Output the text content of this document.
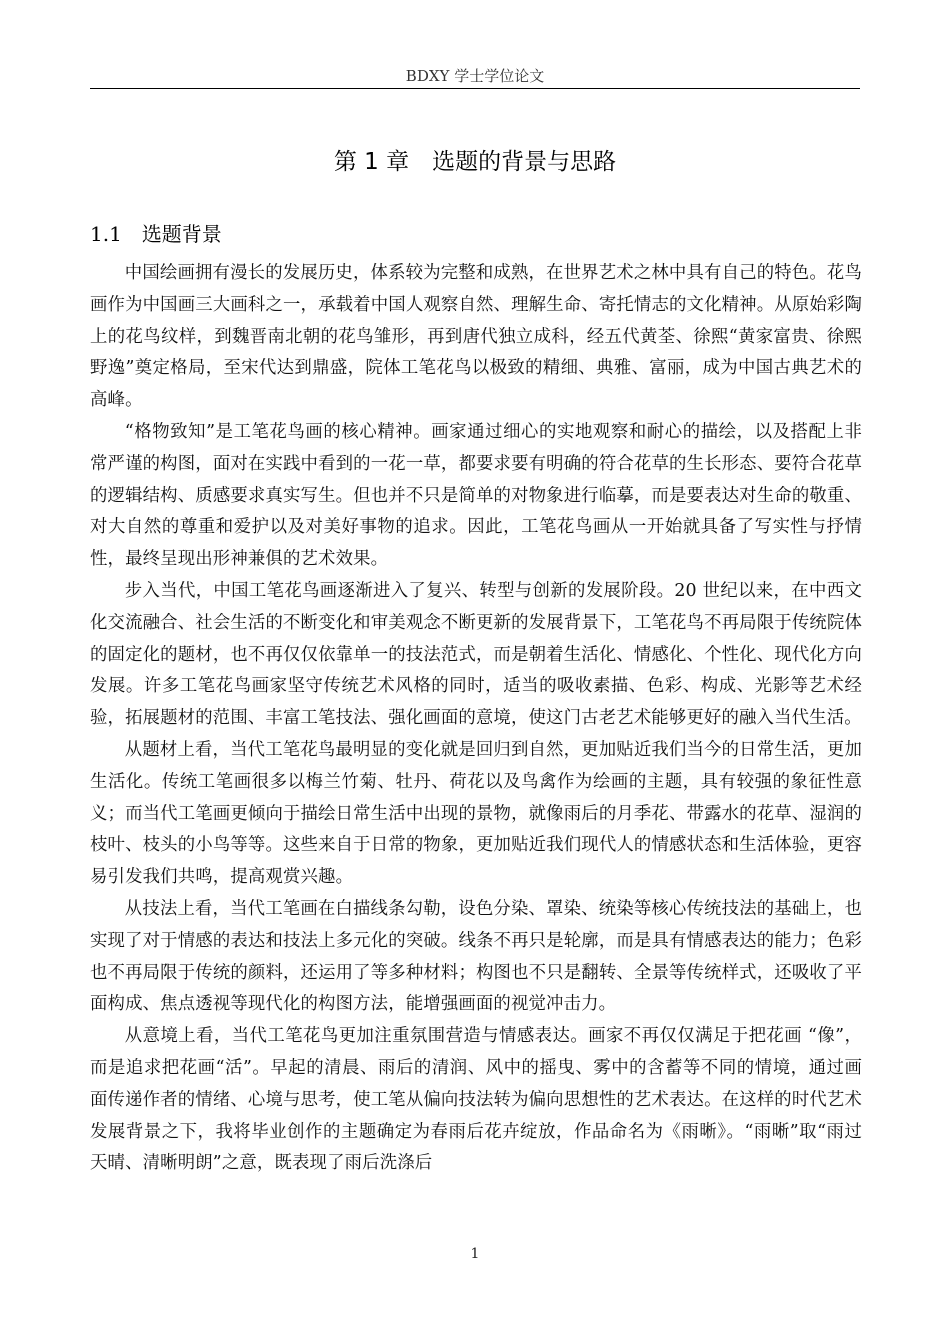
BDXY 学士学位论文
第 1 章　选题的背景与思路
1.1 选题背景

中国绘画拥有漫长的发展历史，体系较为完整和成熟，在世界艺术之林中具有自己的特色。花鸟画作为中国画三大画科之一，承载着中国人观察自然、理解生命、寄托情志的文化精神。从原始彩陶上的花鸟纹样，到魏晋南北朝的花鸟雏形，再到唐代独立成科，经五代黄荃、徐熙“黄家富贵、徐熙野逸”奠定格局，至宋代达到鼎盛，院体工笔花鸟以极致的精细、典雅、富丽，成为中国古典艺术的高峰。

“格物致知”是工笔花鸟画的核心精神。画家通过细心的实地观察和耐心的描绘，以及搭配上非常严谨的构图，面对在实践中看到的一花一草，都要求要有明确的符合花草的生长形态、要符合花草的逻辑结构、质感要求真实写生。但也并不只是简单的对物象进行临摹，而是要表达对生命的敬重、对大自然的尊重和爱护以及对美好事物的追求。因此，工笔花鸟画从一开始就具备了写实性与抒情性，最终呈现出形神兼俱的艺术效果。

步入当代，中国工笔花鸟画逐渐进入了复兴、转型与创新的发展阶段。20 世纪以来，在中西文化交流融合、社会生活的不断变化和审美观念不断更新的发展背景下，工笔花鸟不再局限于传统院体的固定化的题材，也不再仅仅依靠单一的技法范式，而是朝着生活化、情感化、个性化、现代化方向发展。许多工笔花鸟画家坚守传统艺术风格的同时，适当的吸收素描、色彩、构成、光影等艺术经验，拓展题材的范围、丰富工笔技法、强化画面的意境，使这门古老艺术能够更好的融入当代生活。

从题材上看，当代工笔花鸟最明显的变化就是回归到自然，更加贴近我们当今的日常生活，更加生活化。传统工笔画很多以梅兰竹菊、牡丹、荷花以及鸟禽作为绘画的主题，具有较强的象征性意义；而当代工笔画更倾向于描绘日常生活中出现的景物，就像雨后的月季花、带露水的花草、湿润的枝叶、枝头的小鸟等等。这些来自于日常的物象，更加贴近我们现代人的情感状态和生活体验，更容易引发我们共鸣，提高观赏兴趣。

从技法上看，当代工笔画在白描线条勾勒，设色分染、罩染、统染等核心传统技法的基础上，也实现了对于情感的表达和技法上多元化的突破。线条不再只是轮廓，而是具有情感表达的能力；色彩也不再局限于传统的颜料，还运用了等多种材料；构图也不只是翻转、全景等传统样式，还吸收了平面构成、焦点透视等现代化的构图方法，能增强画面的视觉冲击力。

从意境上看，当代工笔花鸟更加注重氛围营造与情感表达。画家不再仅仅满足于把花画 “像”，而是追求把花画“活”。早起的清晨、雨后的清润、风中的摇曳、雾中的含蓄等不同的情境，通过画面传递作者的情绪、心境与思考，使工笔从偏向技法转为偏向思想性的艺术表达。在这样的时代艺术发展背景之下，我将毕业创作的主题确定为春雨后花卉绽放，作品命名为《雨晰》。“雨晰”取“雨过天晴、清晰明朗”之意，既表现了雨后洗涤后

1
